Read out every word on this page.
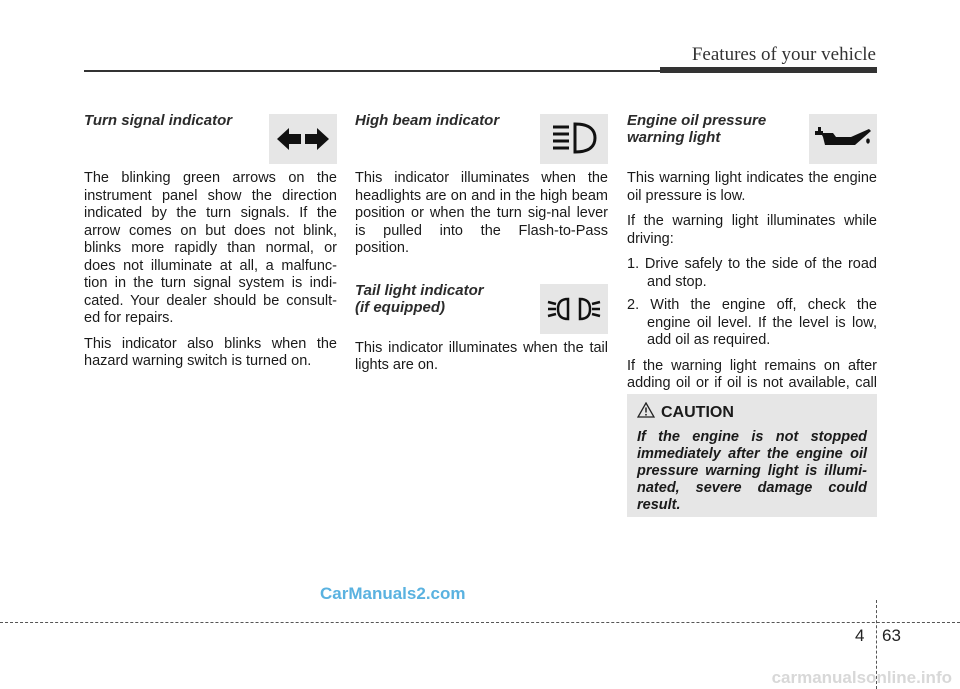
Features of your vehicle
Turn signal indicator

The blinking green arrows on the instrument panel show the direction indicated by the turn signals. If the arrow comes on but does not blink, blinks more rapidly than normal, or does not illuminate at all, a malfunc-tion in the turn signal system is indi-cated. Your dealer should be consult-ed for repairs.

This indicator also blinks when the hazard warning switch is turned on.

High beam indicator

This indicator illuminates when the headlights are on and in the high beam position or when the turn sig-nal lever is pulled into the Flash-to-Pass position.

Tail light indicator
(if equipped)

This indicator illuminates when the tail lights are on.

Engine oil pressure
warning light

This warning light indicates the engine oil pressure is low.

If the warning light illuminates while driving:

1. Drive safely to the side of the road and stop.
2. With the engine off, check the engine oil level. If the level is low, add oil as required.

If the warning light remains on after adding oil or if oil is not available, call

CAUTION
If the engine is not stopped immediately after the engine oil pressure warning light is illumi-nated, severe damage could result.
CarManuals2.com
4 63
carmanualsonline.info
